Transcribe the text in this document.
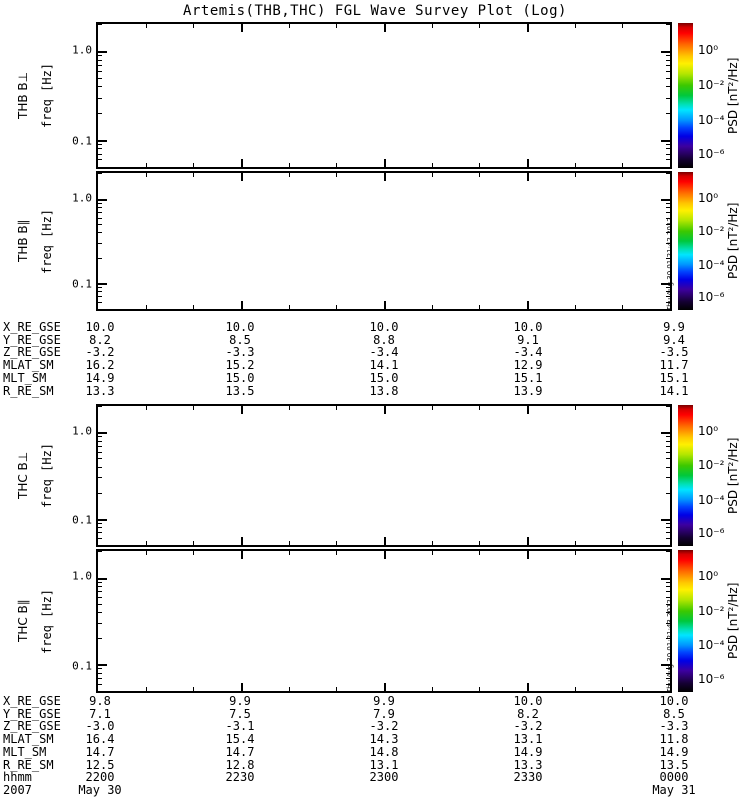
Artemis(THB,THC) FGL Wave Survey Plot (Log)
THB B⊥ freq [Hz]
1.0
0.1
10⁰
10⁻²
10⁻⁴
10⁻⁶
PSD [nT²/Hz]
THB B∥ freq [Hz]
1.0
0.1
10⁰
10⁻²
10⁻⁴
10⁻⁶
PSD [nT²/Hz]
Thu Aug 30 01:21:42 2012
X_RE_GSE	10.0	10.0	10.0	10.0	9.9
Y_RE_GSE	8.2	8.5	8.8	9.1	9.4
Z_RE_GSE	-3.2	-3.3	-3.4	-3.4	-3.5
MLAT_SM	16.2	15.2	14.1	12.9	11.7
MLT_SM	14.9	15.0	15.0	15.1	15.1
R_RE_SM	13.3	13.5	13.8	13.9	14.1
THC B⊥ freq [Hz]
1.0
0.1
10⁰
10⁻²
10⁻⁴
10⁻⁶
PSD [nT²/Hz]
THC B∥ freq [Hz]
1.0
0.1
10⁰
10⁻²
10⁻⁴
10⁻⁶
PSD [nT²/Hz]
Thu Aug 30 01:21:43 2012
X_RE_GSE	9.8	9.9	9.9	10.0	10.0
Y_RE_GSE	7.1	7.5	7.9	8.2	8.5
Z_RE_GSE	-3.0	-3.1	-3.2	-3.2	-3.3
MLAT_SM	16.4	15.4	14.3	13.1	11.8
MLT_SM	14.7	14.7	14.8	14.9	14.9
R_RE_SM	12.5	12.8	13.1	13.3	13.5
hhmm	2200	2230	2300	2330	0000
2007	May 30	May 31
